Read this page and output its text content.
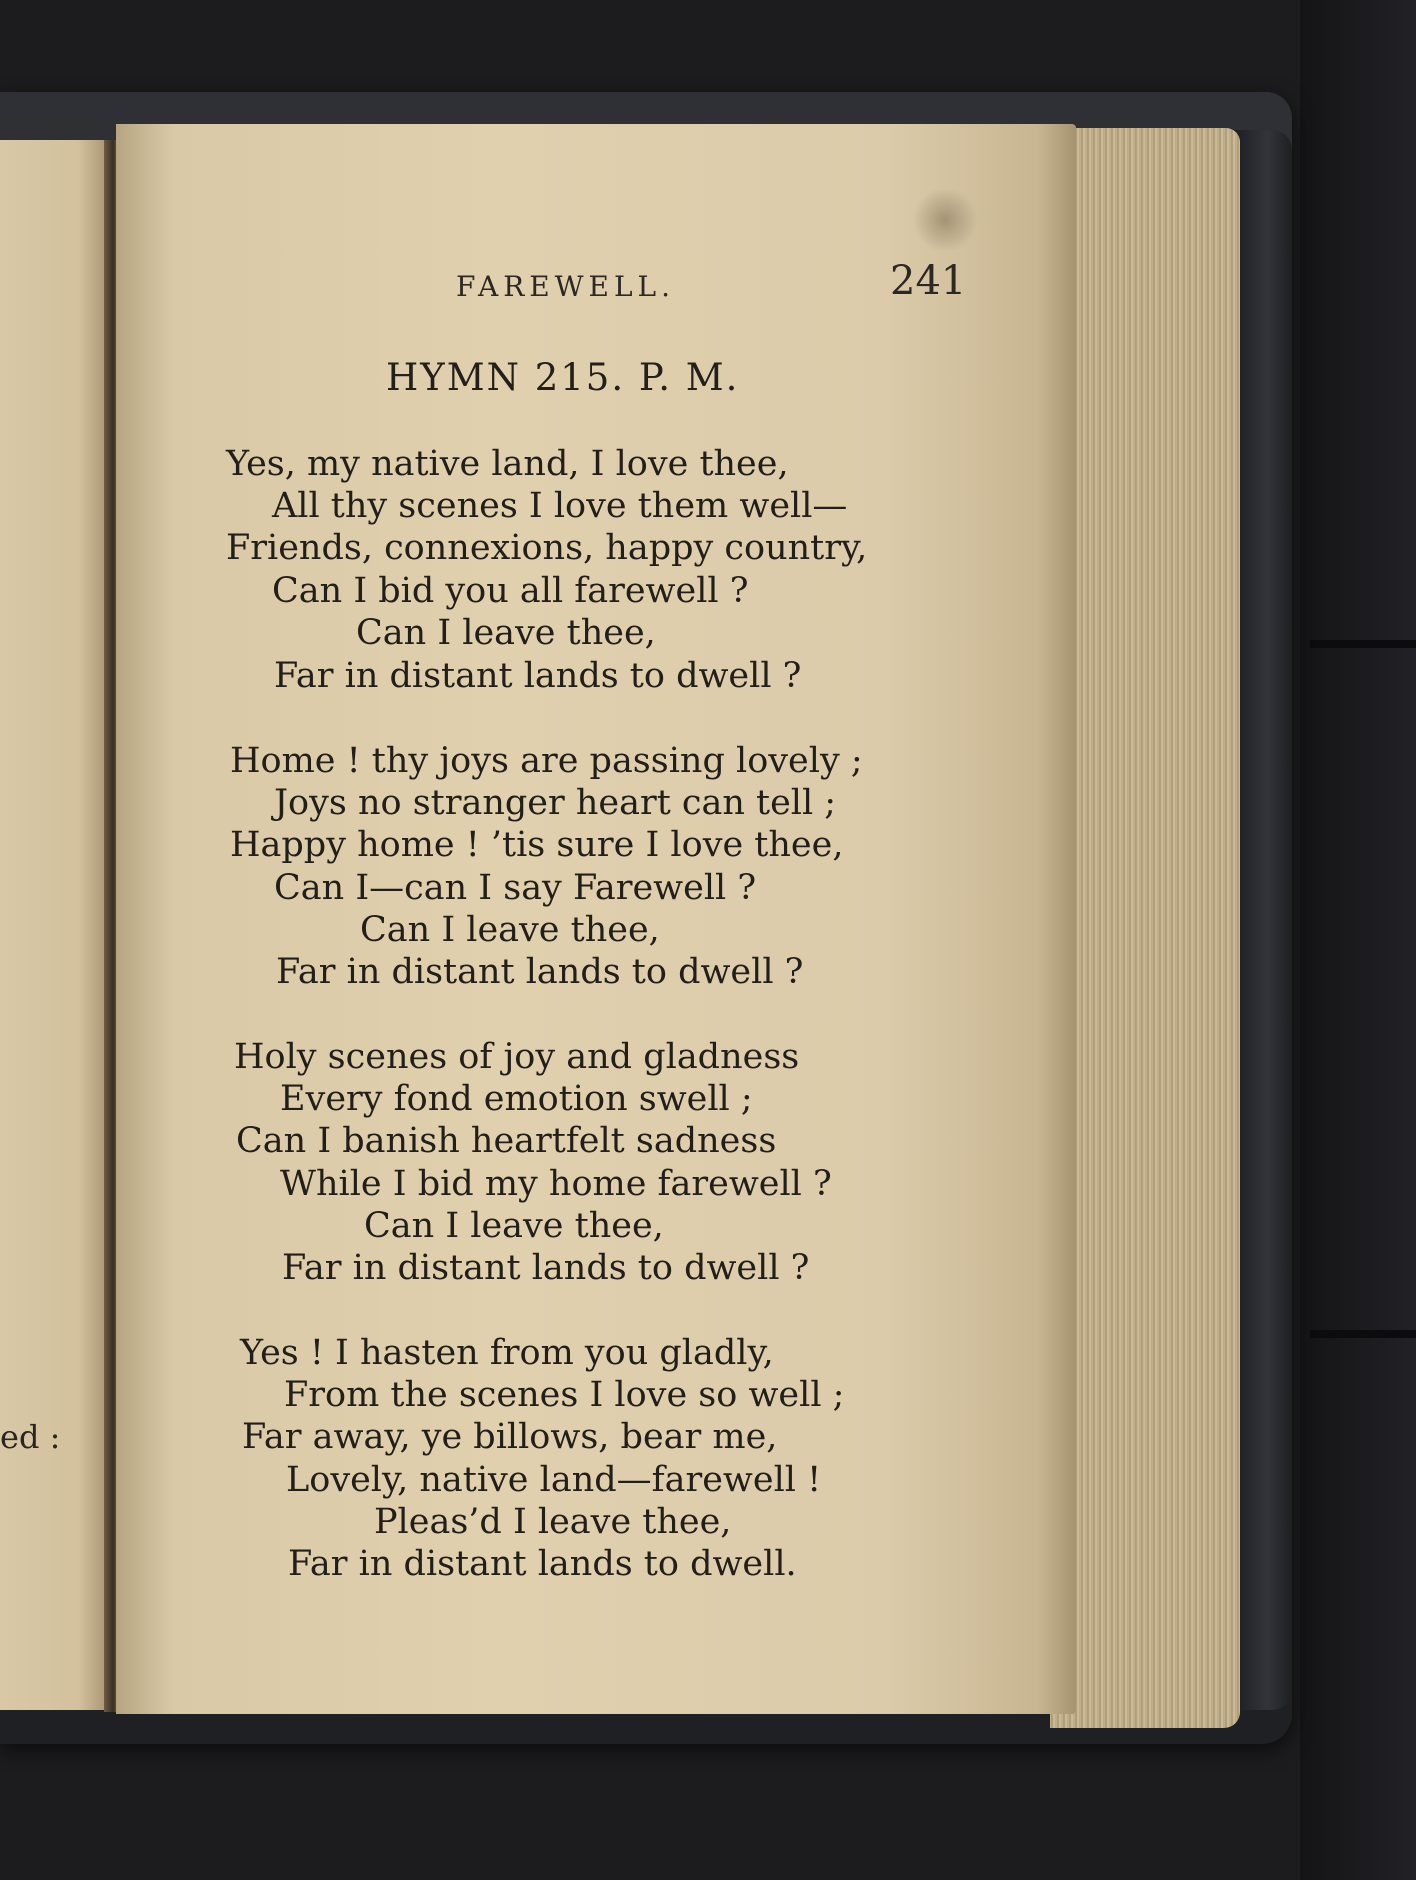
ed :
FAREWELL.	241
HYMN 215. P. M.
Yes, my native land, I love thee,
All thy scenes I love them well—
Friends, connexions, happy country,
Can I bid you all farewell ?
Can I leave thee,
Far in distant lands to dwell ?
Home ! thy joys are passing lovely ;
Joys no stranger heart can tell ;
Happy home ! ’tis sure I love thee,
Can I—can I say Farewell ?
Can I leave thee,
Far in distant lands to dwell ?
Holy scenes of joy and gladness
Every fond emotion swell ;
Can I banish heartfelt sadness
While I bid my home farewell ?
Can I leave thee,
Far in distant lands to dwell ?
Yes ! I hasten from you gladly,
From the scenes I love so well ;
Far away, ye billows, bear me,
Lovely, native land—farewell !
Pleas’d I leave thee,
Far in distant lands to dwell.
